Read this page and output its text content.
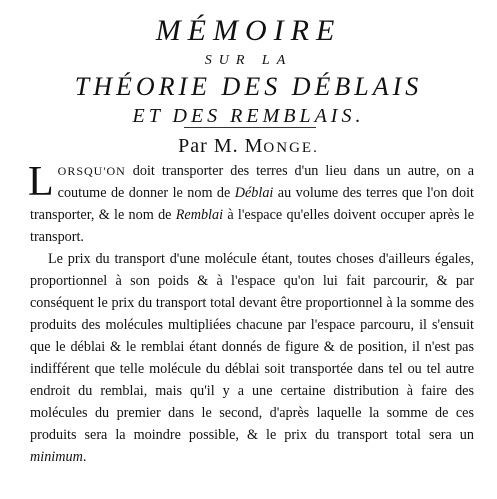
MÉMOIRE
SUR LA
THÉORIE DES DÉBLAIS
ET DES REMBLAIS.
Par M. MONGE.

LORSQU'ON doit transporter des terres d'un lieu dans un autre, on a coutume de donner le nom de Déblai au volume des terres que l'on doit transporter, & le nom de Remblai à l'espace qu'elles doivent occuper après le transport.

Le prix du transport d'une molécule étant, toutes choses d'ailleurs égales, proportionnel à son poids & à l'espace qu'on lui fait parcourir, & par conséquent le prix du transport total devant être proportionnel à la somme des produits des molécules multipliées chacune par l'espace parcouru, il s'ensuit que le déblai & le remblai étant donnés de figure & de position, il n'est pas indifférent que telle molécule du déblai soit transportée dans tel ou tel autre endroit du remblai, mais qu'il y a une certaine distribution à faire des molécules du premier dans le second, d'après laquelle la somme de ces produits sera la moindre possible, & le prix du transport total sera un minimum.
